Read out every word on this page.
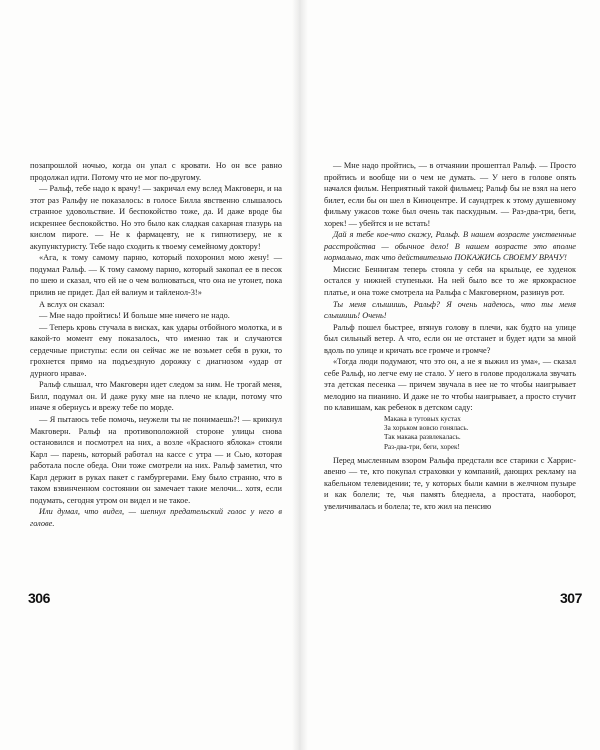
позапрошлой ночью, когда он упал с кровати. Но он все равно продолжал идти. Потому что не мог по-другому.

— Ральф, тебе надо к врачу! — закричал ему вслед Макговерн, и на этот раз Ральфу не показалось: в голосе Билла явственно слышалось странное удовольствие. И беспокойство тоже, да. И даже вроде бы искреннее беспокойство. Но это было как сладкая сахарная глазурь на кислом пироге. — Не к фармацевту, не к гипнотизеру, не к акупунктуристу. Тебе надо сходить к твоему семейному доктору!

«Ага, к тому самому парню, который похоронил мою жену! — подумал Ральф. — К тому самому парню, который закопал ее в песок по шею и сказал, что ей не о чем волноваться, что она не утонет, пока прилив не придет. Дал ей валиум и тайленол-3!»

А вслух он сказал:

— Мне надо пройтись! И больше мне ничего не надо.

— Теперь кровь стучала в висках, как удары отбойного молотка, и в какой-то момент ему показалось, что именно так и случаются сердечные приступы: если он сейчас же не возьмет себя в руки, то грохнется прямо на подъездную дорожку с диагнозом «удар от дурного нрава».

Ральф слышал, что Макговерн идет следом за ним. Не трогай меня, Билл, подумал он. И даже руку мне на плечо не клади, потому что иначе я обернусь и врежу тебе по морде.

— Я пытаюсь тебе помочь, неужели ты не понимаешь?! — крикнул Макговерн. Ральф на противоположной стороне улицы снова остановился и посмотрел на них, а возле «Красного яблока» стояли Карл — парень, который работал на кассе с утра — и Сью, которая работала после обеда. Они тоже смотрели на них. Ральф заметил, что Карл держит в руках пакет с гамбургерами. Ему было странно, что в таком взвинченном состоянии он замечает такие мелочи... хотя, если подумать, сегодня утром он видел и не такое.

Или думал, что видел, — шепнул предательский голос у него в голове.

306

— Мне надо пройтись, — в отчаянии прошептал Ральф. — Просто пройтись и вообще ни о чем не думать. — У него в голове опять начался фильм. Неприятный такой фильмец; Ральф бы не взял на него билет, если бы он шел в Киноцентре. И саундтрек к этому душевному фильму ужасов тоже был очень так паскудным. — Раз-два-три, беги, хорек! — убейтся и не встать!

Дай я тебе кое-что скажу, Ральф. В нашем возрасте умственные расстройства — обычное дело! В нашем возрасте это вполне нормально, так что действительно ПОКАЖИСЬ СВОЕМУ ВРАЧУ!

Миссис Беннигам теперь стояла у себя на крыльце, ее худенок остался у нижней ступеньки. На ней было все то же яркокрасное платье, и она тоже смотрела на Ральфа с Макговерном, разинув рот.

Ты меня слышишь, Ральф? Я очень надеюсь, что ты меня слышишь! Очень!

Ральф пошел быстрее, втянув голову в плечи, как будто на улице был сильный ветер. А что, если он не отстанет и будет идти за мной вдоль по улице и кричать все громче и громче?

«Тогда люди подумают, что это он, а не я выжил из ума», — сказал себе Ральф, но легче ему не стало. У него в голове продолжала звучать эта детская песенка — причем звучала в нее не то чтобы наигрывает мелодию на пианино. И даже не то чтобы наигрывает, а просто стучит по клавишам, как ребенок в детском саду:

Макака в тутовых кустах
За хорьком вовсю гонялась.
Так макака развлекалась.
Раз-два-три, беги, хорек!

Перед мысленным взором Ральфа предстали все старики с Харрис-авеню — те, кто покупал страховки у компаний, дающих рекламу на кабельном телевидении; те, у которых были камни в желчном пузыре и как болели; те, чья память бледнела, а простата, наоборот, увеличивалась и болела; те, кто жил на пенсию

307
